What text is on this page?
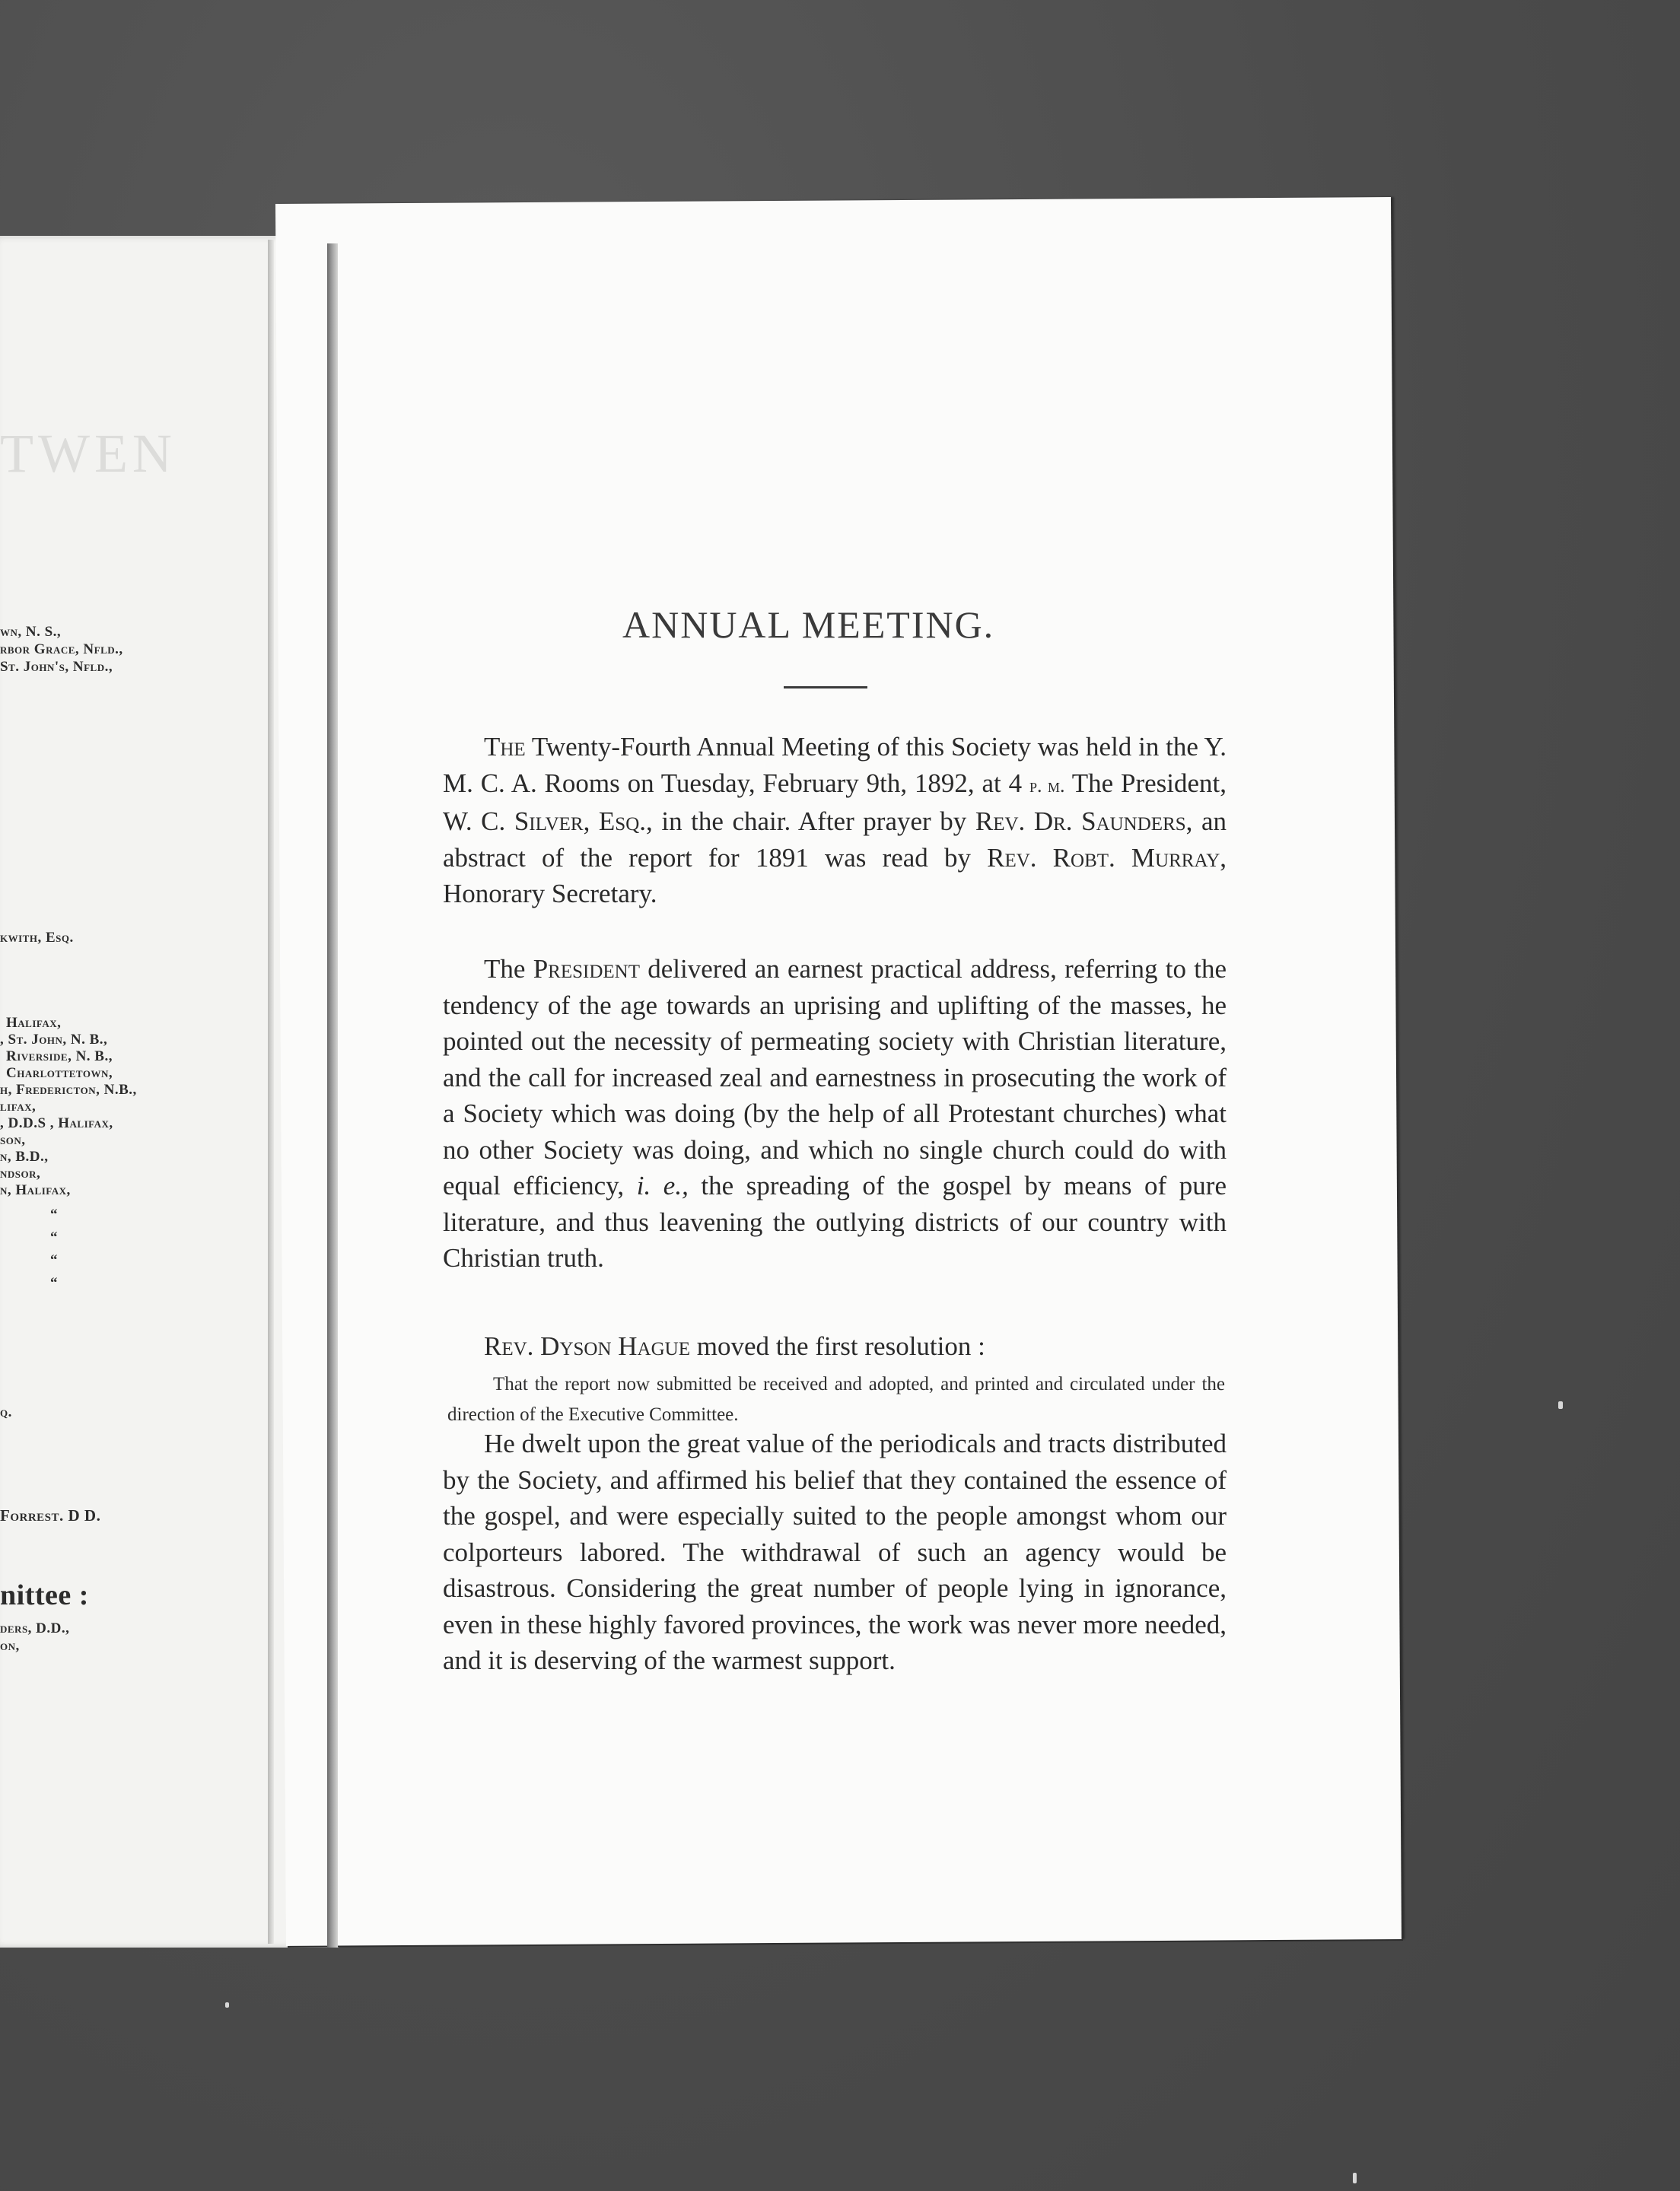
TWEN
wn, N. S.,
rbor Grace, Nfld.,
St. John's, Nfld.,
kwith, Esq.
Halifax,
, St. John, N. B.,
Riverside, N. B.,
Charlottetown,
h, Fredericton, N.B.,
lifax,
, D.D.S , Halifax,
son,
n, B.D.,
ndsor,
n, Halifax,
“
“
“
“
q.
Forrest. D D.
nittee :
ders, D.D.,
on,
ANNUAL MEETING.

The Twenty-Fourth Annual Meeting of this Society was held in the Y. M. C. A. Rooms on Tuesday, February 9th, 1892, at 4 p. m. The President, W. C. Silver, Esq., in the chair. After prayer by Rev. Dr. Saunders, an abstract of the report for 1891 was read by Rev. Robt. Murray, Honorary Secretary.

The President delivered an earnest practical address, referring to the tendency of the age towards an uprising and uplifting of the masses, he pointed out the necessity of permeating society with Christian literature, and the call for increased zeal and earnestness in prosecuting the work of a Society which was doing (by the help of all Protestant churches) what no other Society was doing, and which no single church could do with equal efficiency, i. e., the spreading of the gospel by means of pure literature, and thus leavening the outlying districts of our country with Christian truth.

Rev. Dyson Hague moved the first resolution :

That the report now submitted be received and adopted, and printed and circulated under the direction of the Executive Committee.

He dwelt upon the great value of the periodicals and tracts distributed by the Society, and affirmed his belief that they contained the essence of the gospel, and were especially suited to the people amongst whom our colporteurs labored. The withdrawal of such an agency would be disastrous. Considering the great number of people lying in ignorance, even in these highly favored provinces, the work was never more needed, and it is deserving of the warmest support.
